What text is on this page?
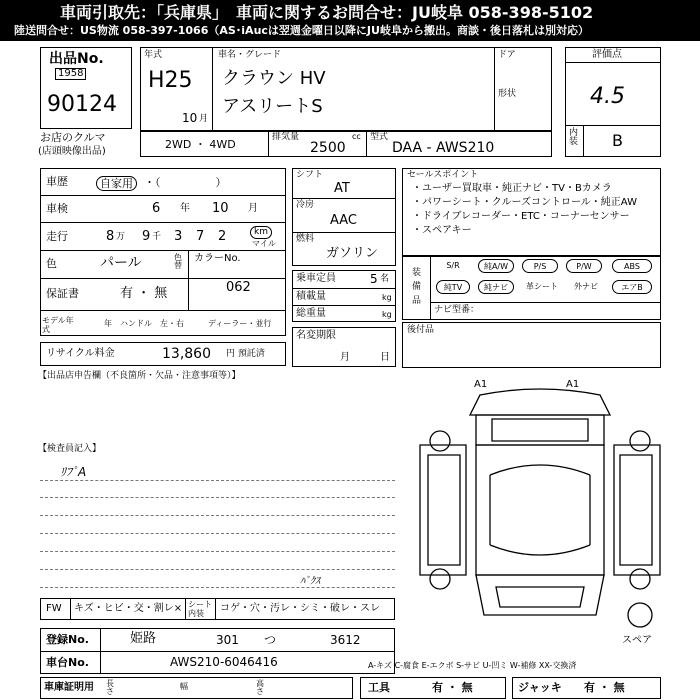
車両引取先：「兵庫県」　車両に関するお問合せ：JU岐阜 058-398-5102
陸送問合せ：US物流 058-397-1066（AS･iAucは翌週金曜日以降にJU岐阜から搬出。商談・後日落札は別対応）
出品No.
1958
90124
お店のクルマ
(店頭映像出品)
年式
H25
10 月
車名・グレード
クラウン HV
アスリートS
ドア
形状
評価点
4.5
内装 B
2WD ・ 4WD
排気量	cc
2500
型式
DAA - AWS210
車歴	自家用	・（　　　　　）
車検	6 年 10 月
走行	8 万 9 千 3 7 2	km
マイル
色	パール	色替
カラーNo.
062
保証書	有 ・ 無
モデル年式
年　ハンドル　左・右	ディーラー・並行
リサイクル料金	13,860 円 預託済
シフト
AT
冷房
AAC
燃料
ガソリン
乗車定員	5 名
積載量	kg
総重量	kg
名変期限
月	日
セールスポイント
・ユーザー買取車・純正ナビ・TV・Bカメラ
・パワーシート・クルーズコントロール・純正AW
・ドライブレコーダー・ETC・コーナーセンサー
・スペアキー
装備品
S/R	純A/W	P/S	P/W	ABS
純TV	純ナビ	革シート	外ナビ	エアB
ナビ型番：
後付品
【出品店申告欄（不良箇所・欠品・注意事項等）】
【検査員記入】
ﾘﾌﾟA
A1	A1
ﾊﾞｸｽ
スペア
FW キズ・ヒビ・交・割レ× シート内装	コゲ・穴・汚レ・シミ・破レ・スレ
登録No.	姫路	301 つ	3612
車台No.	AWS210-6046416	A-キズ C-腐食 E-エクボ S-サビ U-凹ミ W-補修 XX-交換済
車庫証明用 長さ
幅	高さ	工具	有 ・ 無	ジャッキ 有 ・ 無
